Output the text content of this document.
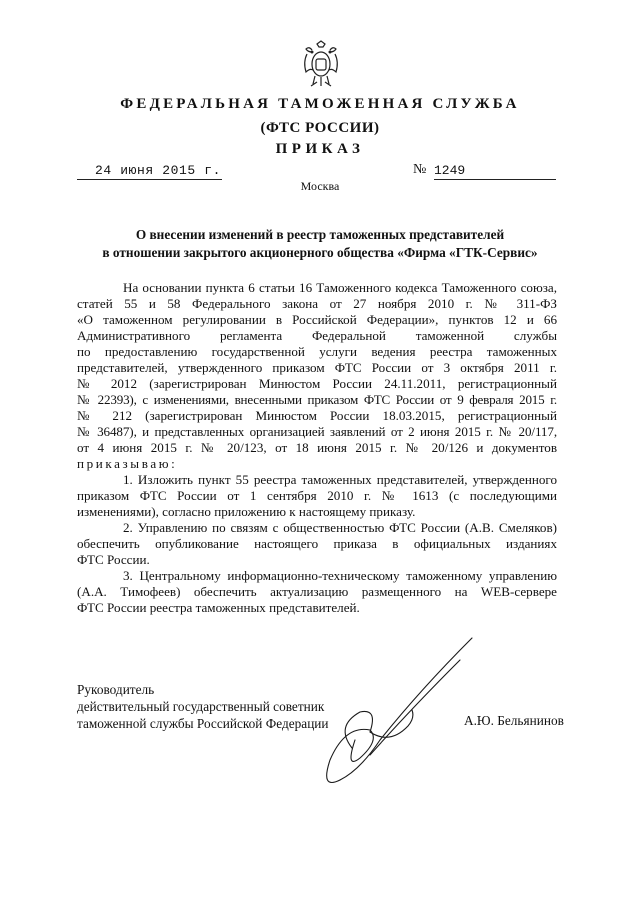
ФЕДЕРАЛЬНАЯ ТАМОЖЕННАЯ СЛУЖБА
(ФТС РОССИИ)
ПРИКАЗ
24 июня 2015 г.	№ 1249
Москва
О внесении изменений в реестр таможенных представителей
в отношении закрытого акционерного общества «Фирма «ГТК-Сервис»
На основании пункта 6 статьи 16 Таможенного кодекса Таможенного союза,
статей 55 и 58 Федерального закона от 27 ноября 2010 г. № 311-ФЗ
«О таможенном регулировании в Российской Федерации», пунктов 12 и 66
Административного регламента Федеральной таможенной службы
по предоставлению государственной услуги ведения реестра таможенных
представителей, утвержденного приказом ФТС России от 3 октября 2011 г.
№ 2012 (зарегистрирован Минюстом России 24.11.2011, регистрационный
№ 22393), с изменениями, внесенными приказом ФТС России от 9 февраля 2015 г.
№ 212 (зарегистрирован Минюстом России 18.03.2015, регистрационный
№ 36487), и представленных организацией заявлений от 2 июня 2015 г. № 20/117,
от 4 июня 2015 г. № 20/123, от 18 июня 2015 г. № 20/126 и документов
приказываю:
1. Изложить пункт 55 реестра таможенных представителей, утвержденного
приказом ФТС России от 1 сентября 2010 г. № 1613 (с последующими
изменениями), согласно приложению к настоящему приказу.
2. Управлению по связям с общественностью ФТС России (А.В. Смеляков)
обеспечить опубликование настоящего приказа в официальных изданиях
ФТС России.
3. Центральному информационно-техническому таможенному управлению
(А.А. Тимофеев) обеспечить актуализацию размещенного на WEB-сервере
ФТС России реестра таможенных представителей.
Руководитель
действительный государственный советник
таможенной службы Российской Федерации	А.Ю. Бельянинов
